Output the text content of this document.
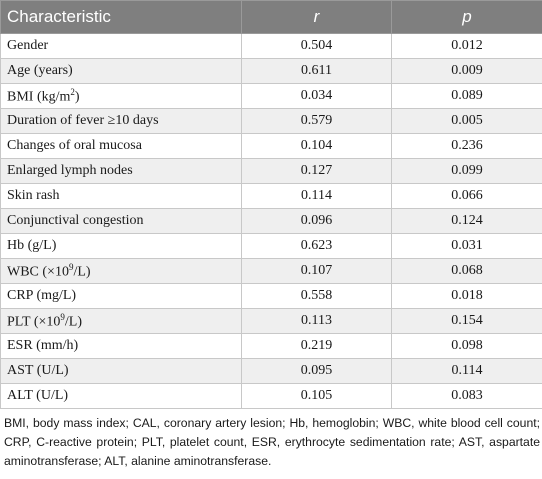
Characteristic	r	p
Gender	0.504	0.012
Age (years)	0.611	0.009
BMI $(kg/m^2)$	0.034	0.089
Duration of fever ≥10 days	0.579	0.005
Changes of oral mucosa	0.104	0.236
Enlarged lymph nodes	0.127	0.099
Skin rash	0.114	0.066
Conjunctival congestion	0.096	0.124
Hb (g/L)	0.623	0.031
WBC $(\times 10^9/L)$	0.107	0.068
CRP (mg/L)	0.558	0.018
PLT $(\times 10^9/L)$	0.113	0.154
ESR (mm/h)	0.219	0.098
AST (U/L)	0.095	0.114
ALT (U/L)	0.105	0.083
BMI, body mass index; CAL, coronary artery lesion; Hb, hemoglobin; WBC, white blood cell count; CRP, C-reactive protein; PLT, platelet count, ESR, erythrocyte sedimentation rate; AST, aspartate aminotransferase; ALT, alanine aminotransferase.
